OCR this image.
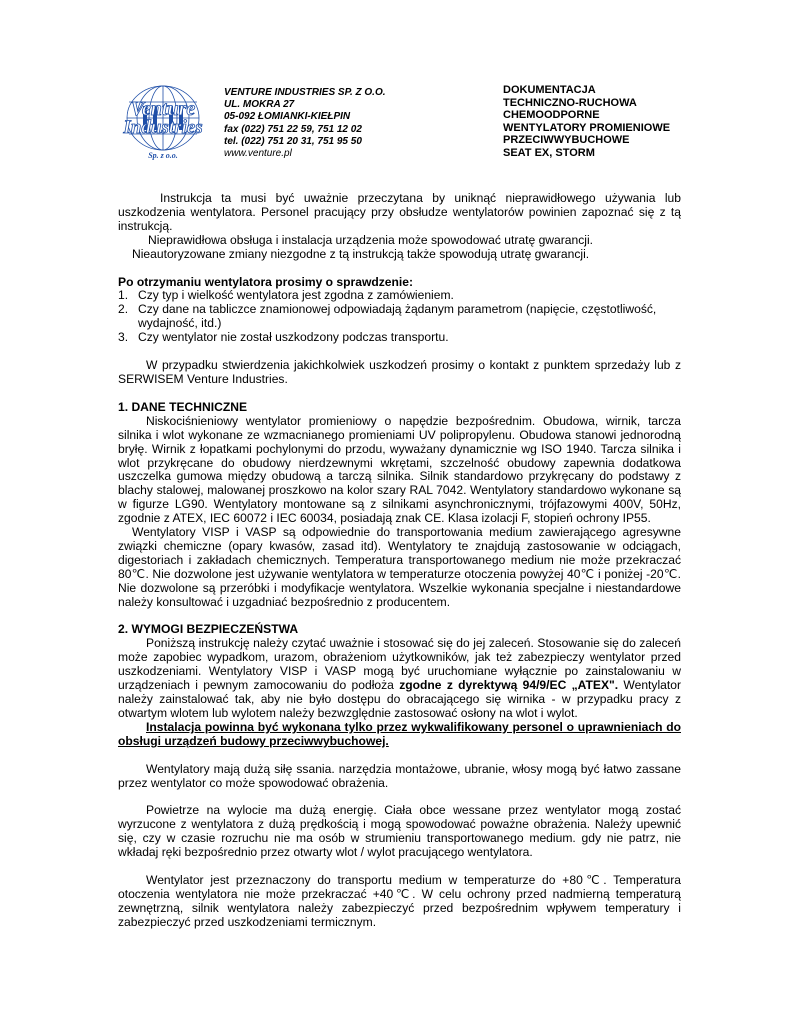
Venture
Industries
Sp. z o.o.
VENTURE INDUSTRIES SP. Z O.O.
UL. MOKRA 27
05-092 ŁOMIANKI-KIEŁPIN
fax (022) 751 22 59, 751 12 02
tel. (022) 751 20 31, 751 95 50
www.venture.pl
DOKUMENTACJA
TECHNICZNO-RUCHOWA
CHEMOODPORNE
WENTYLATORY PROMIENIOWE
PRZECIWWYBUCHOWE
SEAT EX, STORM

Instrukcja ta musi być uważnie przeczytana by uniknąć nieprawidłowego używania lub uszkodzenia wentylatora. Personel pracujący przy obsłudze wentylatorów powinien zapoznać się z tą instrukcją.

Nieprawidłowa obsługa i instalacja urządzenia może spowodować utratę gwarancji.

Nieautoryzowane zmiany niezgodne z tą instrukcją także spowodują utratę gwarancji.

Po otrzymaniu wentylatora prosimy o sprawdzenie:

1. Czy typ i wielkość wentylatora jest zgodna z zamówieniem.
2. Czy dane na tabliczce znamionowej odpowiadają żądanym parametrom (napięcie, częstotliwość, wydajność, itd.)
3. Czy wentylator nie został uszkodzony podczas transportu.

W przypadku stwierdzenia jakichkolwiek uszkodzeń prosimy o kontakt z punktem sprzedaży lub z SERWISEM Venture Industries.

1. DANE TECHNICZNE

Niskociśnieniowy wentylator promieniowy o napędzie bezpośrednim. Obudowa, wirnik, tarcza silnika i wlot wykonane ze wzmacnianego promieniami UV polipropylenu. Obudowa stanowi jednorodną bryłę. Wirnik z łopatkami pochylonymi do przodu, wyważany dynamicznie wg ISO 1940. Tarcza silnika i wlot przykręcane do obudowy nierdzewnymi wkrętami, szczelność obudowy zapewnia dodatkowa uszczelka gumowa między obudową a tarczą silnika. Silnik standardowo przykręcany do podstawy z blachy stalowej, malowanej proszkowo na kolor szary RAL 7042. Wentylatory standardowo wykonane są w figurze LG90. Wentylatory montowane są z silnikami asynchronicznymi, trójfazowymi 400V, 50Hz, zgodnie z ATEX, IEC 60072 i IEC 60034, posiadają znak CE. Klasa izolacji F, stopień ochrony IP55.

Wentylatory VISP i VASP są odpowiednie do transportowania medium zawierającego agresywne związki chemiczne (opary kwasów, zasad itd). Wentylatory te znajdują zastosowanie w odciągach, digestoriach i zakładach chemicznych. Temperatura transportowanego medium nie może przekraczać 80℃. Nie dozwolone jest używanie wentylatora w temperaturze otoczenia powyżej 40℃ i poniżej -20℃. Nie dozwolone są przeróbki i modyfikacje wentylatora. Wszelkie wykonania specjalne i niestandardowe należy konsultować i uzgadniać bezpośrednio z producentem.

2. WYMOGI BEZPIECZEŃSTWA

Poniższą instrukcję należy czytać uważnie i stosować się do jej zaleceń. Stosowanie się do zaleceń może zapobiec wypadkom, urazom, obrażeniom użytkowników, jak też zabezpieczy wentylator przed uszkodzeniami. Wentylatory VISP i VASP mogą być uruchomiane wyłącznie po zainstalowaniu w urządzeniach i pewnym zamocowaniu do podłoża zgodne z dyrektywą 94/9/EC „ATEX". Wentylator należy zainstalować tak, aby nie było dostępu do obracającego się wirnika - w przypadku pracy z otwartym wlotem lub wylotem należy bezwzględnie zastosować osłony na wlot i wylot.

Instalacja powinna być wykonana tylko przez wykwalifikowany personel o uprawnieniach do obsługi urządzeń budowy przeciwwybuchowej.

Wentylatory mają dużą siłę ssania. narzędzia montażowe, ubranie, włosy mogą być łatwo zassane przez wentylator co może spowodować obrażenia.

Powietrze na wylocie ma dużą energię. Ciała obce wessane przez wentylator mogą zostać wyrzucone z wentylatora z dużą prędkością i mogą spowodować poważne obrażenia. Należy upewnić się, czy w czasie rozruchu nie ma osób w strumieniu transportowanego medium. gdy nie patrz, nie wkładaj ręki bezpośrednio przez otwarty wlot / wylot pracującego wentylatora.

Wentylator jest przeznaczony do transportu medium w temperaturze do +80℃. Temperatura otoczenia wentylatora nie może przekraczać +40℃. W celu ochrony przed nadmierną temperaturą zewnętrzną, silnik wentylatora należy zabezpieczyć przed bezpośrednim wpływem temperatury i zabezpieczyć przed uszkodzeniami termicznym.
